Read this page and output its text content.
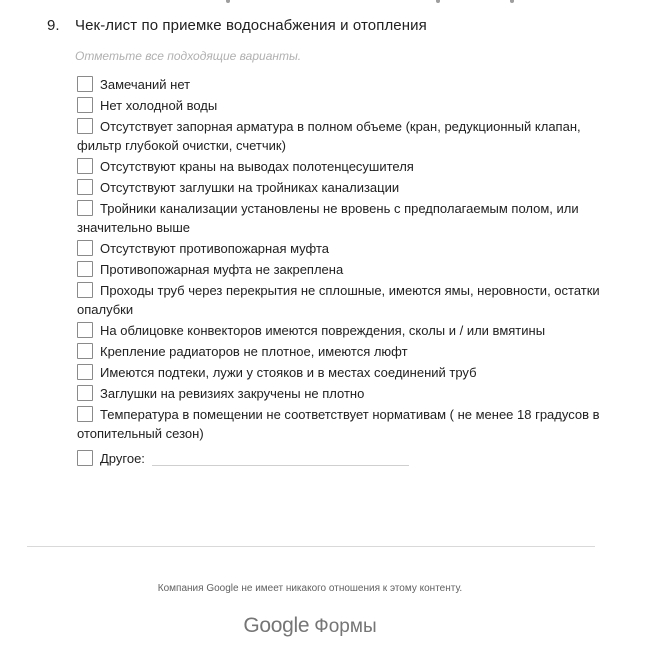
9. Чек-лист по приемке водоснабжения и отопления
Отметьте все подходящие варианты.
Замечаний нет
Нет холодной воды
Отсутствует запорная арматура в полном объеме (кран, редукционный клапан, фильтр глубокой очистки, счетчик)
Отсутствуют краны на выводах полотенцесушителя
Отсутствуют заглушки на тройниках канализации
Тройники канализации установлены не вровень с предполагаемым полом, или значительно выше
Отсутствуют противопожарная муфта
Противопожарная муфта не закреплена
Проходы труб через перекрытия не сплошные, имеются ямы, неровности, остатки опалубки
На облицовке конвекторов имеются повреждения, сколы и / или вмятины
Крепление радиаторов не плотное, имеются люфт
Имеются подтеки, лужи у стояков и в местах соединений труб
Заглушки на ревизиях закручены не плотно
Температура в помещении не соответствует нормативам ( не менее 18 градусов в отопительный сезон)
Другое:
Компания Google не имеет никакого отношения к этому контенту.
Google Формы
